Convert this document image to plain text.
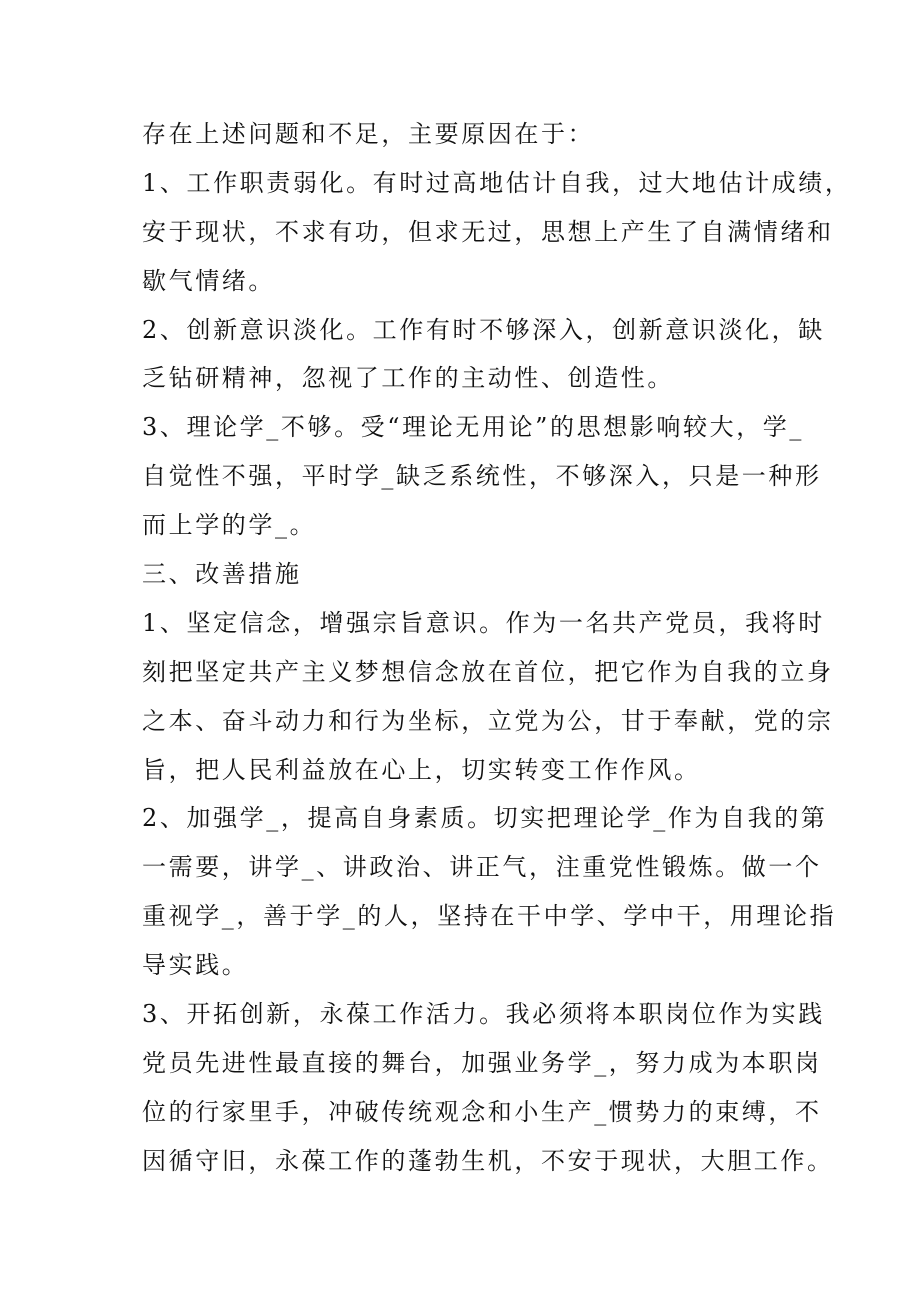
存在上述问题和不足，主要原因在于：
1、工作职责弱化。有时过高地估计自我，过大地估计成绩，
安于现状，不求有功，但求无过，思想上产生了自满情绪和
歇气情绪。
2、创新意识淡化。工作有时不够深入，创新意识淡化，缺
乏钻研精神，忽视了工作的主动性、创造性。
3、理论学_不够。受“理论无用论”的思想影响较大，学_
自觉性不强，平时学_缺乏系统性，不够深入，只是一种形
而上学的学_。
三、改善措施
1、坚定信念，增强宗旨意识。作为一名共产党员，我将时
刻把坚定共产主义梦想信念放在首位，把它作为自我的立身
之本、奋斗动力和行为坐标，立党为公，甘于奉献，党的宗
旨，把人民利益放在心上，切实转变工作作风。
2、加强学_，提高自身素质。切实把理论学_作为自我的第
一需要，讲学_、讲政治、讲正气，注重党性锻炼。做一个
重视学_，善于学_的人，坚持在干中学、学中干，用理论指
导实践。
3、开拓创新，永葆工作活力。我必须将本职岗位作为实践
党员先进性最直接的舞台，加强业务学_，努力成为本职岗
位的行家里手，冲破传统观念和小生产_惯势力的束缚，不
因循守旧，永葆工作的蓬勃生机，不安于现状，大胆工作。
